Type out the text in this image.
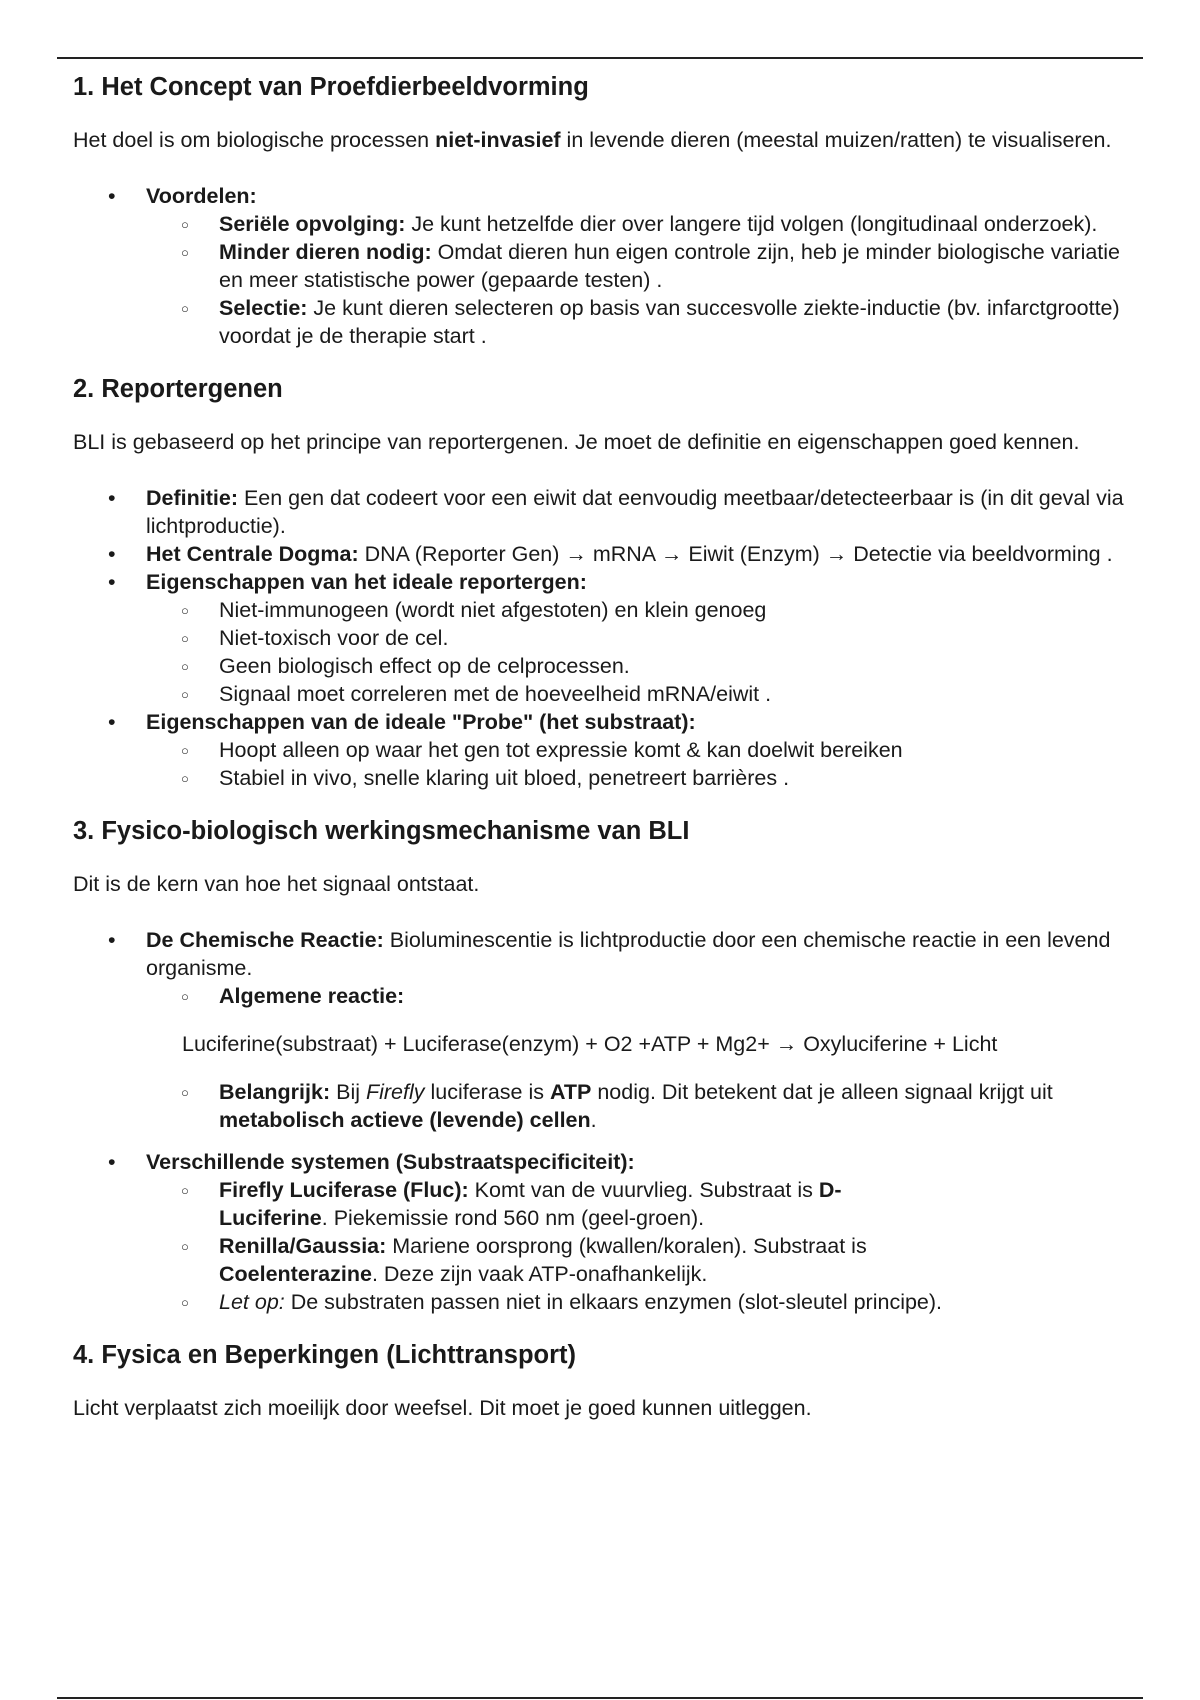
1. Het Concept van Proefdierbeeldvorming

Het doel is om biologische processen niet-invasief in levende dieren (meestal muizen/ratten) te visualiseren.

• Voordelen:
○ Seriële opvolging: Je kunt hetzelfde dier over langere tijd volgen (longitudinaal onderzoek).
○ Minder dieren nodig: Omdat dieren hun eigen controle zijn, heb je minder biologische variatie en meer statistische power (gepaarde testen) .
○ Selectie: Je kunt dieren selecteren op basis van succesvolle ziekte-inductie (bv. infarctgrootte) voordat je de therapie start .
2. Reportergenen

BLI is gebaseerd op het principe van reportergenen. Je moet de definitie en eigenschappen goed kennen.

• Definitie: Een gen dat codeert voor een eiwit dat eenvoudig meetbaar/detecteerbaar is (in dit geval via lichtproductie).
• Het Centrale Dogma: DNA (Reporter Gen) → mRNA → Eiwit (Enzym) → Detectie via beeldvorming .
• Eigenschappen van het ideale reportergen:
○ Niet-immunogeen (wordt niet afgestoten) en klein genoeg
○ Niet-toxisch voor de cel.
○ Geen biologisch effect op de celprocessen.
○ Signaal moet correleren met de hoeveelheid mRNA/eiwit .
• Eigenschappen van de ideale "Probe" (het substraat):
○ Hoopt alleen op waar het gen tot expressie komt & kan doelwit bereiken
○ Stabiel in vivo, snelle klaring uit bloed, penetreert barrières .
3. Fysico-biologisch werkingsmechanisme van BLI

Dit is de kern van hoe het signaal ontstaat.

• De Chemische Reactie: Bioluminescentie is lichtproductie door een chemische reactie in een levend organisme.
○ Algemene reactie:

Luciferine(substraat) + Luciferase(enzym) + O2 +ATP + Mg2+ → Oxyluciferine + Licht

○ Belangrijk: Bij Firefly luciferase is ATP nodig. Dit betekent dat je alleen signaal krijgt uit metabolisch actieve (levende) cellen.
• Verschillende systemen (Substraatspecificiteit):
○ Firefly Luciferase (Fluc): Komt van de vuurvlieg. Substraat is D-Luciferine. Piekemissie rond 560 nm (geel-groen).
○ Renilla/Gaussia: Mariene oorsprong (kwallen/koralen). Substraat is Coelenterazine. Deze zijn vaak ATP-onafhankelijk.
○ Let op: De substraten passen niet in elkaars enzymen (slot-sleutel principe).
4. Fysica en Beperkingen (Lichttransport)

Licht verplaatst zich moeilijk door weefsel. Dit moet je goed kunnen uitleggen.
